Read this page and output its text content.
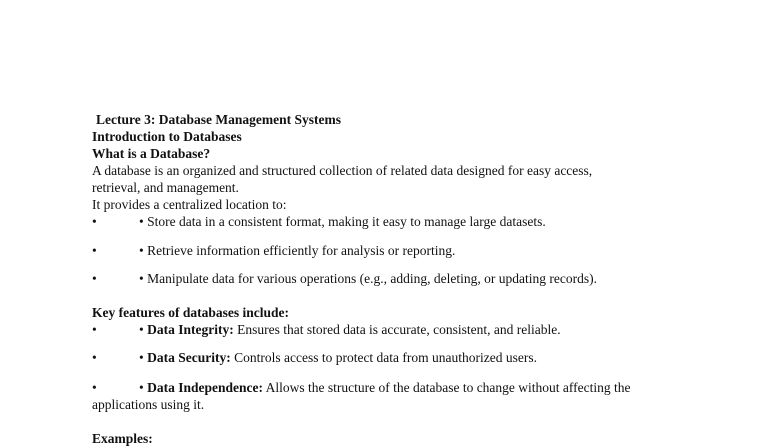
Lecture 3: Database Management Systems
Introduction to Databases
What is a Database?
A database is an organized and structured collection of related data designed for easy access,
retrieval, and management.
It provides a centralized location to:
•	• Store data in a consistent format, making it easy to manage large datasets.
•	• Retrieve information efficiently for analysis or reporting.
•	• Manipulate data for various operations (e.g., adding, deleting, or updating records).
Key features of databases include:
•	• Data Integrity: Ensures that stored data is accurate, consistent, and reliable.
•	• Data Security: Controls access to protect data from unauthorized users.
•	• Data Independence: Allows the structure of the database to change without affecting the
applications using it.
Examples:
